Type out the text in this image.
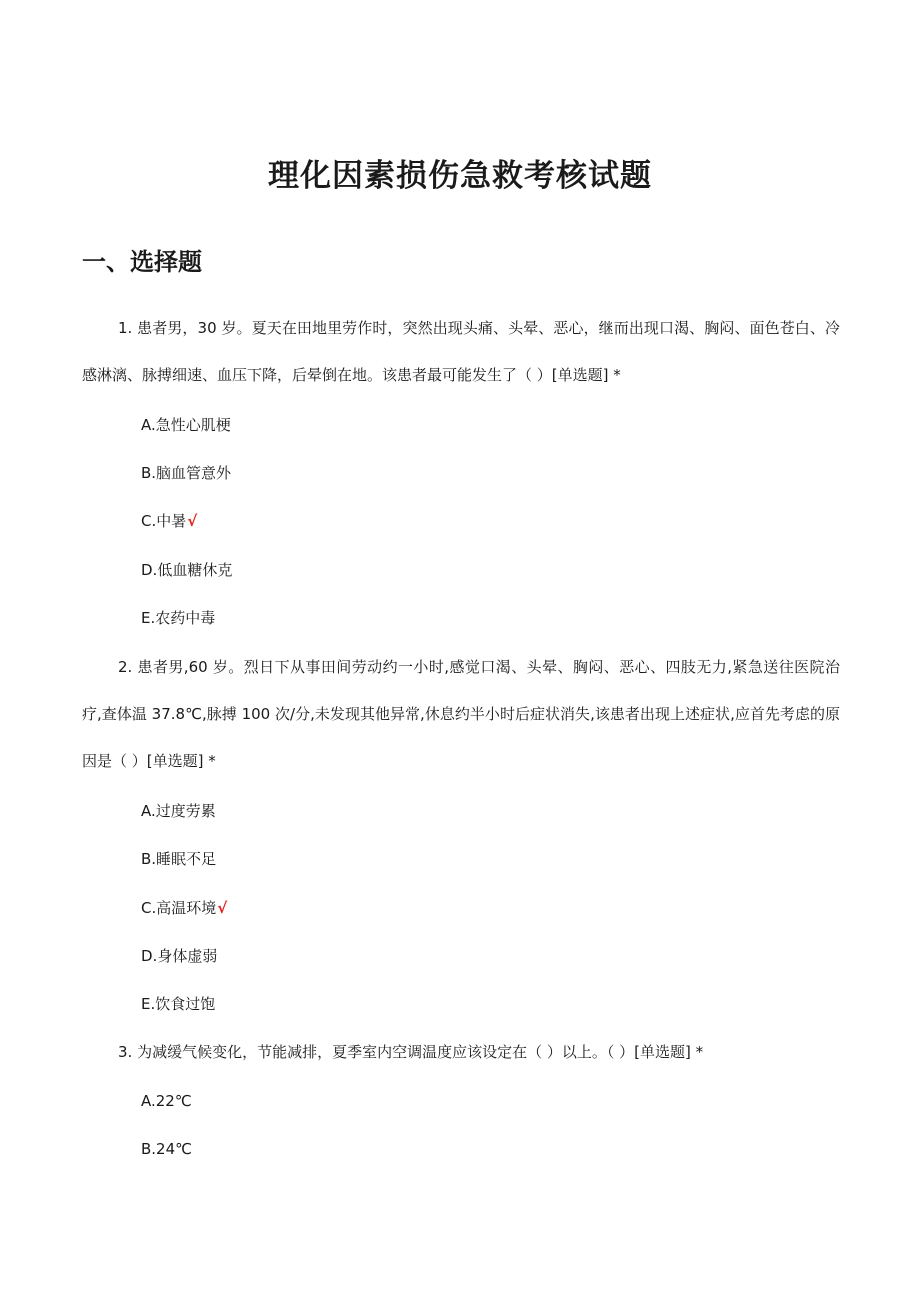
理化因素损伤急救考核试题
一、选择题

1. 患者男，30 岁。夏天在田地里劳作时，突然出现头痛、头晕、恶心，继而出现口渴、胸闷、面色苍白、冷感淋漓、脉搏细速、血压下降，后晕倒在地。该患者最可能发生了（ ）[单选题] *

A.急性心肌梗

B.脑血管意外

C.中暑√

D.低血糖休克

E.农药中毒

2. 患者男,60 岁。烈日下从事田间劳动约一小时,感觉口渴、头晕、胸闷、恶心、四肢无力,紧急送往医院治疗,查体温 37.8℃,脉搏 100 次/分,未发现其他异常,休息约半小时后症状消失,该患者出现上述症状,应首先考虑的原因是（ ）[单选题] *

A.过度劳累

B.睡眠不足

C.高温环境√

D.身体虚弱

E.饮食过饱

3. 为减缓气候变化，节能减排，夏季室内空调温度应该设定在（ ）以上。（ ）[单选题] *

A.22℃

B.24℃
